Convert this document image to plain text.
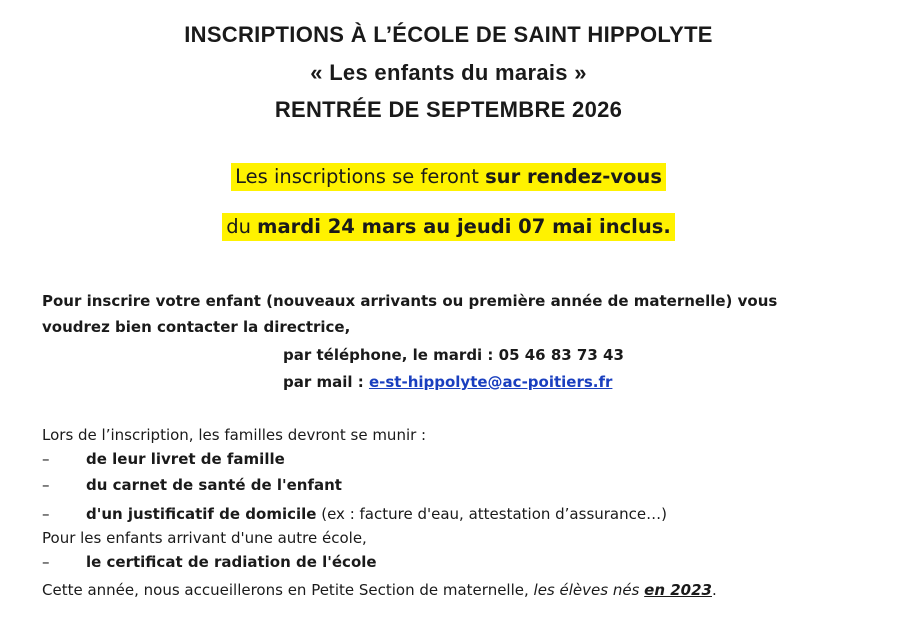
INSCRIPTIONS À L’ÉCOLE DE SAINT HIPPOLYTE
« Les enfants du marais »
RENTRÉE DE SEPTEMBRE 2026
Les inscriptions se feront sur rendez-vous
du mardi 24 mars au jeudi 07 mai inclus.
Pour inscrire votre enfant (nouveaux arrivants ou première année de maternelle) vous
voudrez bien contacter la directrice,
par téléphone, le mardi : 05 46 83 73 43
par mail : e-st-hippolyte@ac-poitiers.fr
Lors de l’inscription, les familles devront se munir :
– de leur livret de famille
– du carnet de santé de l'enfant
– d'un justificatif de domicile (ex : facture d'eau, attestation d’assurance…)
Pour les enfants arrivant d'une autre école,
– le certificat de radiation de l'école
Cette année, nous accueillerons en Petite Section de maternelle, les élèves nés en 2023.
